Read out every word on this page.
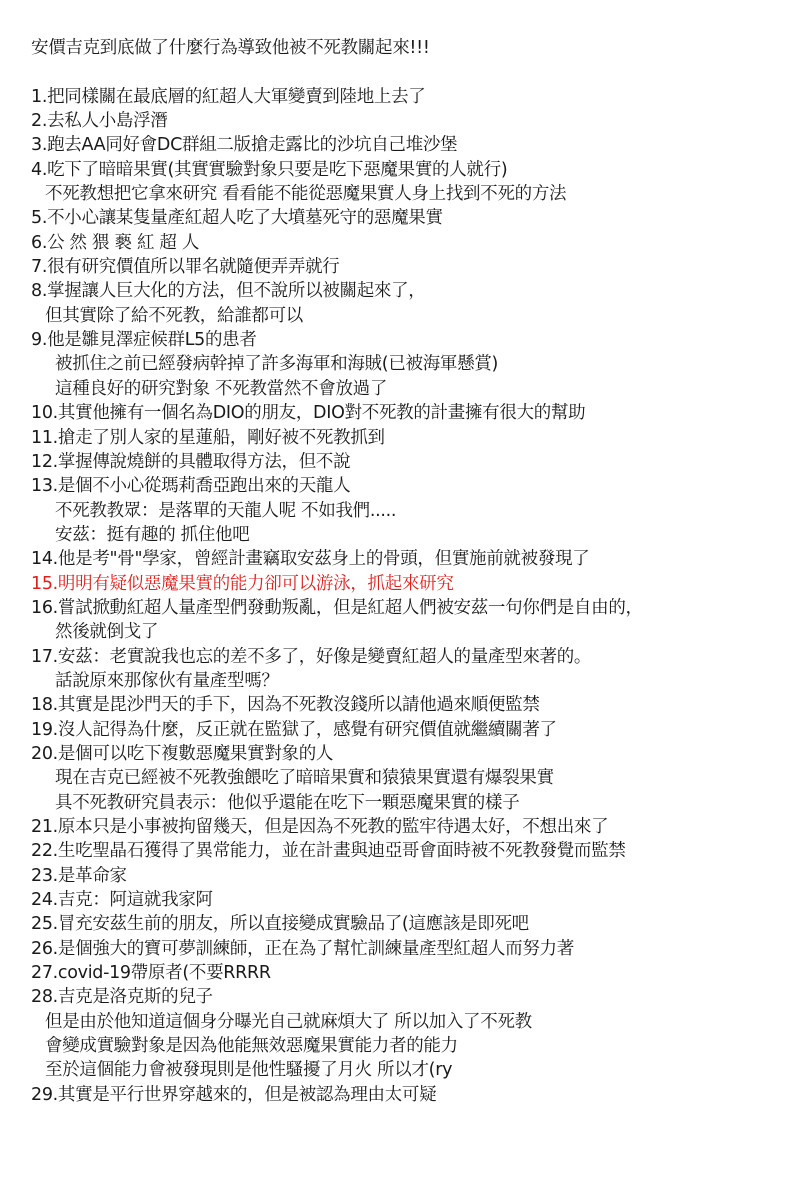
安價吉克到底做了什麼行為導致他被不死教關起來!!!
1.把同樣關在最底層的紅超人大軍變賣到陸地上去了
2.去私人小島浮潛
3.跑去AA同好會DC群組二版搶走露比的沙坑自己堆沙堡
4.吃下了暗暗果實(其實實驗對象只要是吃下惡魔果實的人就行)
不死教想把它拿來研究 看看能不能從惡魔果實人身上找到不死的方法
5.不小心讓某隻量產紅超人吃了大墳墓死守的惡魔果實
6.公 然 猥 褻 紅 超 人
7.很有研究價值所以罪名就隨便弄弄就行
8.掌握讓人巨大化的方法，但不說所以被關起來了，
但其實除了給不死教，給誰都可以
9.他是雛見澤症候群L5的患者
被抓住之前已經發病幹掉了許多海軍和海賊(已被海軍懸賞)
這種良好的研究對象 不死教當然不會放過了
10.其實他擁有一個名為DIO的朋友，DIO對不死教的計畫擁有很大的幫助
11.搶走了別人家的星蓮船，剛好被不死教抓到
12.掌握傳說燒餅的具體取得方法，但不說
13.是個不小心從瑪莉喬亞跑出來的天龍人
不死教教眾：是落單的天龍人呢 不如我們.....
安茲：挺有趣的 抓住他吧
14.他是考"骨"學家，曾經計畫竊取安茲身上的骨頭，但實施前就被發現了
15.明明有疑似惡魔果實的能力卻可以游泳，抓起來研究
16.嘗試掀動紅超人量產型們發動叛亂，但是紅超人們被安茲一句你們是自由的，
然後就倒戈了
17.安茲：老實說我也忘的差不多了，好像是變賣紅超人的量產型來著的。
話說原來那傢伙有量產型嗎？
18.其實是毘沙門天的手下，因為不死教沒錢所以請他過來順便監禁
19.沒人記得為什麼，反正就在監獄了，感覺有研究價值就繼續關著了
20.是個可以吃下複數惡魔果實對象的人
現在吉克已經被不死教強餵吃了暗暗果實和猿猿果實還有爆裂果實
具不死教研究員表示：他似乎還能在吃下一顆惡魔果實的樣子
21.原本只是小事被拘留幾天，但是因為不死教的監牢待遇太好，不想出來了
22.生吃聖晶石獲得了異常能力，並在計畫與迪亞哥會面時被不死教發覺而監禁
23.是革命家
24.吉克：阿這就我家阿
25.冒充安茲生前的朋友，所以直接變成實驗品了(這應該是即死吧
26.是個強大的寶可夢訓練師，正在為了幫忙訓練量產型紅超人而努力著
27.covid-19帶原者(不要RRRR
28.吉克是洛克斯的兒子
但是由於他知道這個身分曝光自己就麻煩大了 所以加入了不死教
會變成實驗對象是因為他能無效惡魔果實能力者的能力
至於這個能力會被發現則是他性騷擾了月火 所以才(ry
29.其實是平行世界穿越來的，但是被認為理由太可疑
